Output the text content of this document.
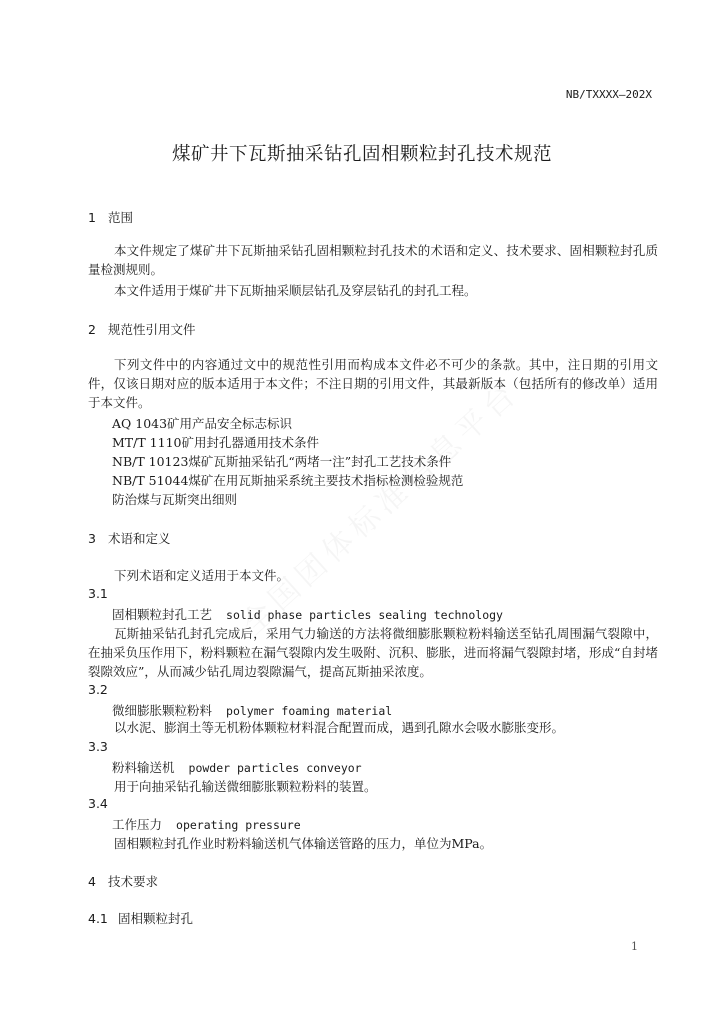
NB/TXXXX—202X
煤矿井下瓦斯抽采钻孔固相颗粒封孔技术规范
1 范围
本文件规定了煤矿井下瓦斯抽采钻孔固相颗粒封孔技术的术语和定义、技术要求、固相颗粒封孔质量检测规则。
本文件适用于煤矿井下瓦斯抽采顺层钻孔及穿层钻孔的封孔工程。
2 规范性引用文件
下列文件中的内容通过文中的规范性引用而构成本文件必不可少的条款。其中，注日期的引用文件，仅该日期对应的版本适用于本文件；不注日期的引用文件，其最新版本（包括所有的修改单）适用于本文件。
AQ 1043矿用产品安全标志标识
MT/T 1110矿用封孔器通用技术条件
NB/T 10123煤矿瓦斯抽采钻孔“两堵一注”封孔工艺技术条件
NB/T 51044煤矿在用瓦斯抽采系统主要技术指标检测检验规范
防治煤与瓦斯突出细则
3 术语和定义
下列术语和定义适用于本文件。
3.1
固相颗粒封孔工艺 solid phase particles sealing technology
瓦斯抽采钻孔封孔完成后，采用气力输送的方法将微细膨胀颗粒粉料输送至钻孔周围漏气裂隙中，在抽采负压作用下，粉料颗粒在漏气裂隙内发生吸附、沉积、膨胀，进而将漏气裂隙封堵，形成“自封堵裂隙效应”，从而减少钻孔周边裂隙漏气，提高瓦斯抽采浓度。
3.2
微细膨胀颗粒粉料 polymer foaming material
以水泥、膨润土等无机粉体颗粒材料混合配置而成，遇到孔隙水会吸水膨胀变形。
3.3
粉料输送机 powder particles conveyor
用于向抽采钻孔输送微细膨胀颗粒粉料的装置。
3.4
工作压力 operating pressure
固相颗粒封孔作业时粉料输送机气体输送管路的压力，单位为MPa。
4 技术要求
4.1 固相颗粒封孔
1
